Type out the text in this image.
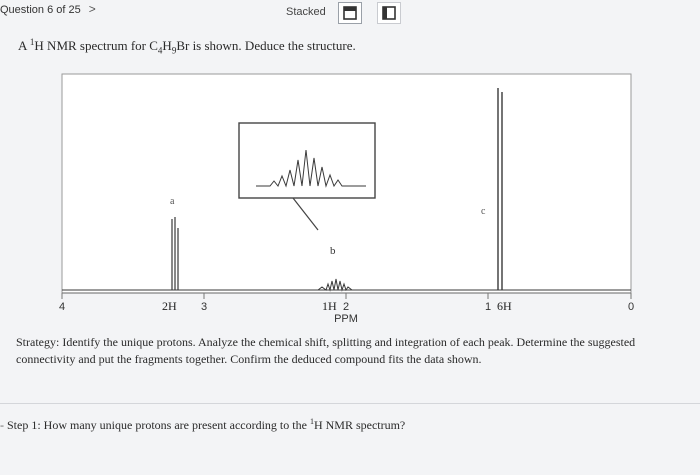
Question 6 of 25 >	Stacked
A $^1$H NMR spectrum for $C_4H_9Br$ is shown. Deduce the structure.
a
b
c
4	3	2	1	0
PPM
2H	1H	6H
Strategy: Identify the unique protons. Analyze the chemical shift, splitting and integration of each peak. Determine the suggested connectivity and put the fragments together. Confirm the deduced compound fits the data shown.
- Step 1: How many unique protons are present according to the $^1$H NMR spectrum?
